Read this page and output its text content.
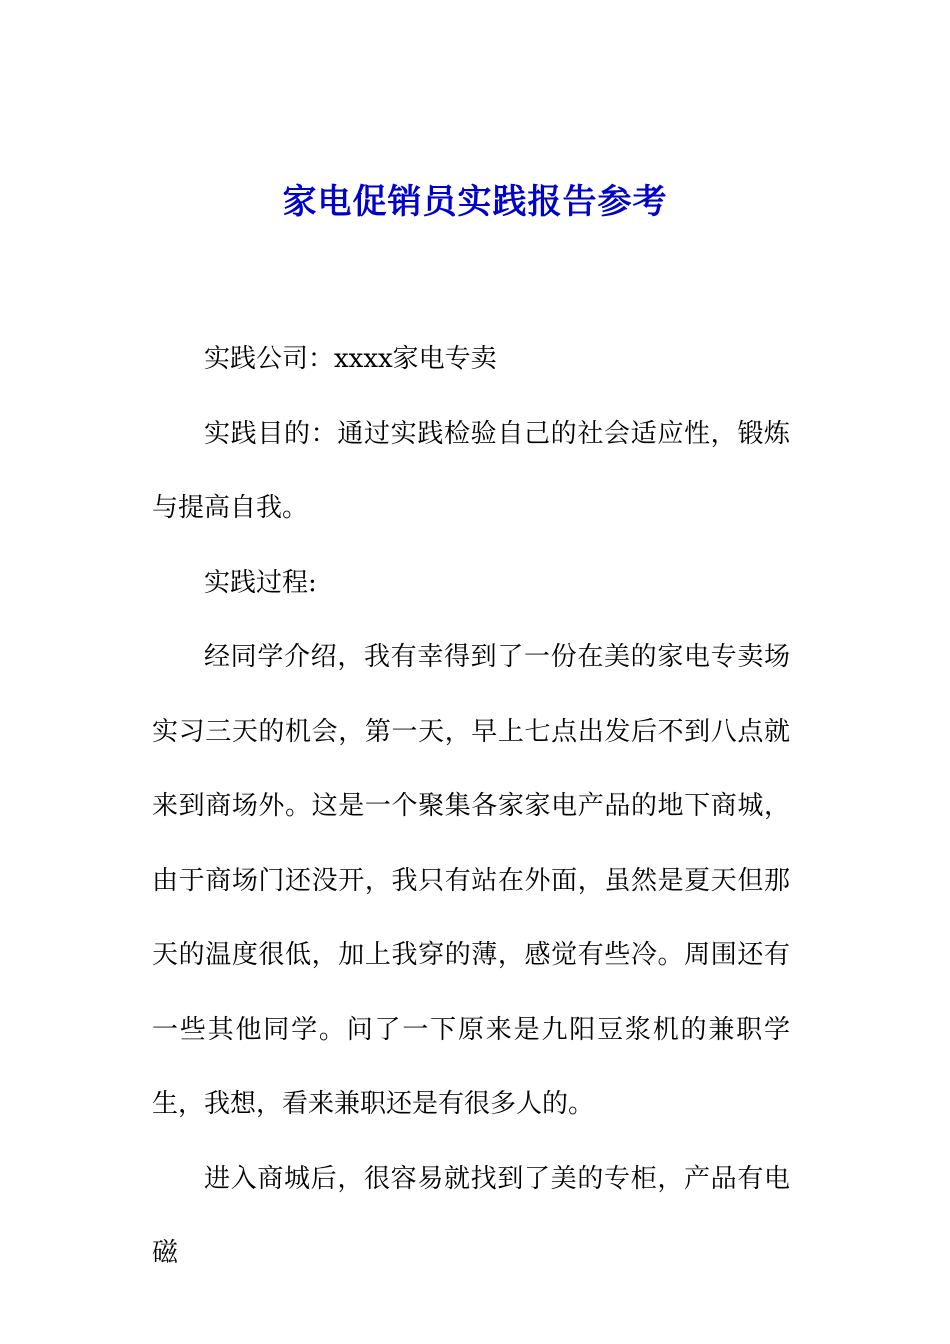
家电促销员实践报告参考

实践公司：xxxx家电专卖

实践目的：通过实践检验自己的社会适应性，锻炼与提高自我。

实践过程:

经同学介绍，我有幸得到了一份在美的家电专卖场实习三天的机会，第一天，早上七点出发后不到八点就来到商场外。这是一个聚集各家家电产品的地下商城，由于商场门还没开，我只有站在外面，虽然是夏天但那天的温度很低，加上我穿的薄，感觉有些冷。周围还有一些其他同学。问了一下原来是九阳豆浆机的兼职学生，我想，看来兼职还是有很多人的。

进入商城后，很容易就找到了美的专柜，产品有电磁
